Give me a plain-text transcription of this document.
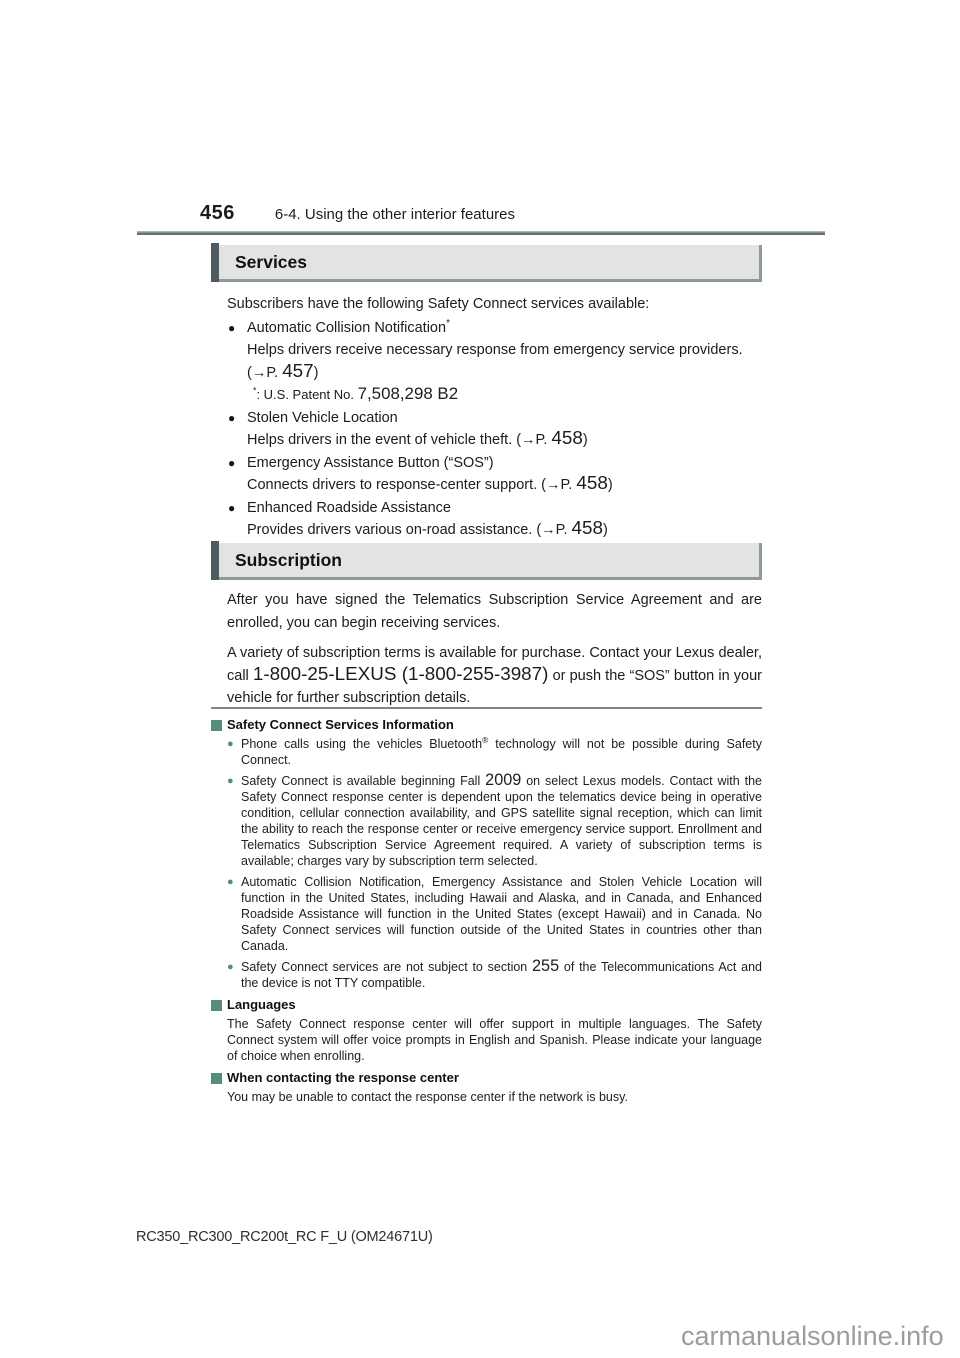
456	6-4. Using the other interior features
Services

Subscribers have the following Safety Connect services available:

● Automatic Collision Notification*
Helps drivers receive necessary response from emergency service providers.
(→P. 457)
*: U.S. Patent No. 7,508,298 B2
● Stolen Vehicle Location
Helps drivers in the event of vehicle theft. (→P. 458)
● Emergency Assistance Button (“SOS”)
Connects drivers to response-center support. (→P. 458)
● Enhanced Roadside Assistance
Provides drivers various on-road assistance. (→P. 458)
Subscription

After you have signed the Telematics Subscription Service Agreement and are enrolled, you can begin receiving services.

A variety of subscription terms is available for purchase. Contact your Lexus dealer, call 1-800-25-LEXUS (1-800-255-3987) or push the “SOS” button in your vehicle for further subscription details.

Safety Connect Services Information
● Phone calls using the vehicles Bluetooth® technology will not be possible during Safety Connect.
● Safety Connect is available beginning Fall 2009 on select Lexus models. Contact with the Safety Connect response center is dependent upon the telematics device being in operative condition, cellular connection availability, and GPS satellite signal reception, which can limit the ability to reach the response center or receive emergency service support. Enrollment and Telematics Subscription Service Agreement required. A variety of subscription terms is available; charges vary by subscription term selected.
● Automatic Collision Notification, Emergency Assistance and Stolen Vehicle Location will function in the United States, including Hawaii and Alaska, and in Canada, and Enhanced Roadside Assistance will function in the United States (except Hawaii) and in Canada. No Safety Connect services will function outside of the United States in countries other than Canada.
● Safety Connect services are not subject to section 255 of the Telecommunications Act and the device is not TTY compatible.
Languages

The Safety Connect response center will offer support in multiple languages. The Safety Connect system will offer voice prompts in English and Spanish. Please indicate your language of choice when enrolling.

When contacting the response center

You may be unable to contact the response center if the network is busy.

RC350_RC300_RC200t_RC F_U (OM24671U)
carmanualsonline.info
